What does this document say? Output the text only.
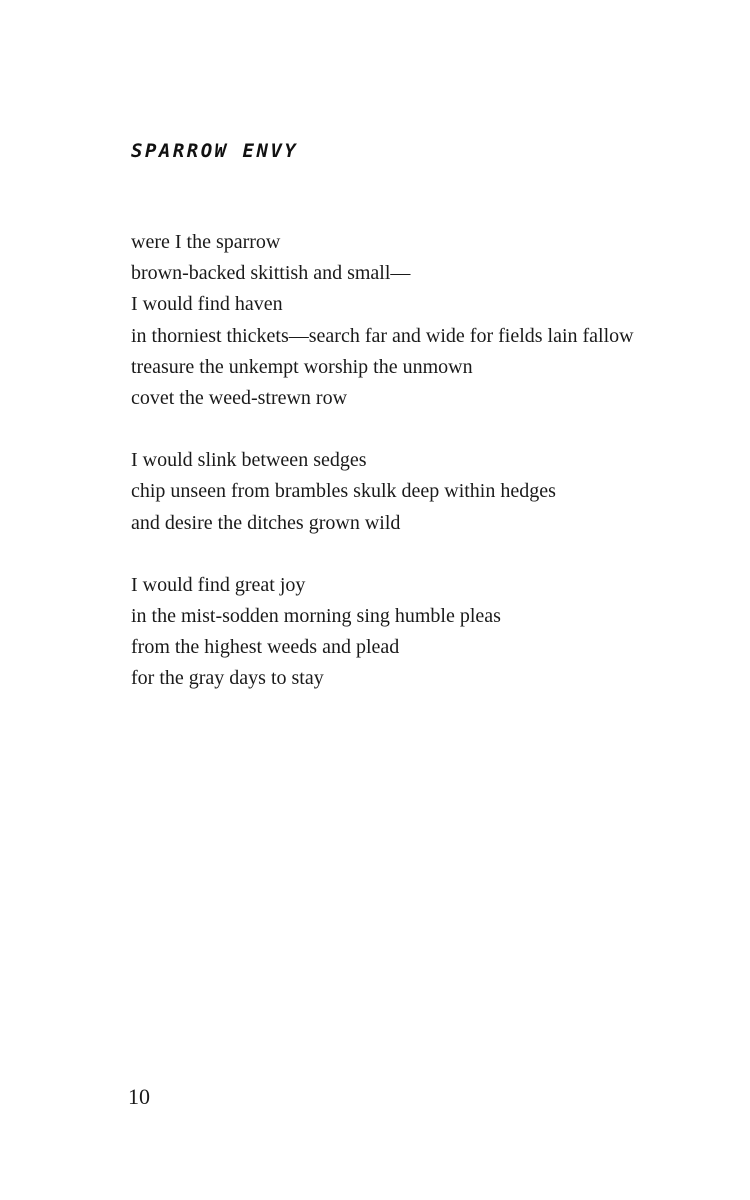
SPARROW ENVY

were I the sparrow
brown-backed skittish and small—
I would find haven
in thorniest thickets—search far and wide for fields lain fallow
treasure the unkempt worship the unmown
covet the weed-strewn row

I would slink between sedges
chip unseen from brambles skulk deep within hedges
and desire the ditches grown wild

I would find great joy
in the mist-sodden morning sing humble pleas
from the highest weeds and plead
for the gray days to stay

10
